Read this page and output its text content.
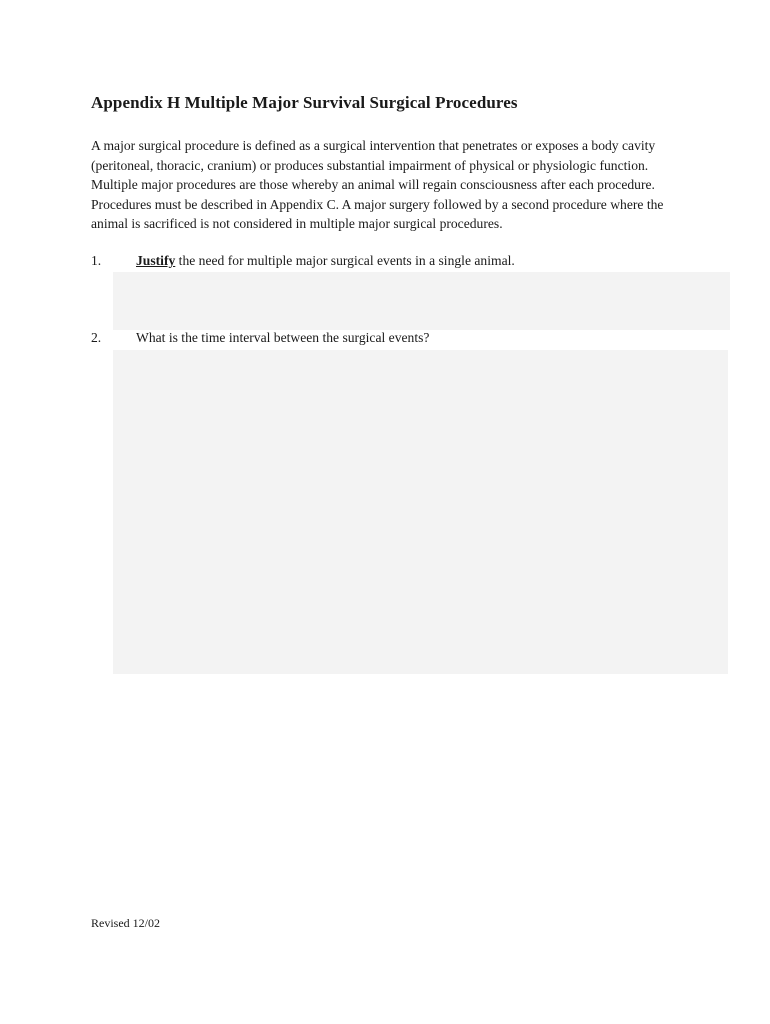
Appendix H Multiple Major Survival Surgical Procedures
A major surgical procedure is defined as a surgical intervention that penetrates or exposes a body cavity
(peritoneal, thoracic, cranium) or produces substantial impairment of physical or physiologic function.
Multiple major procedures are those whereby an animal will regain consciousness after each procedure.
Procedures must be described in Appendix C. A major surgery followed by a second procedure where the
animal is sacrificed is not considered in multiple major surgical procedures.
1.	Justify the need for multiple major surgical events in a single animal.
2.	What is the time interval between the surgical events?
Revised 12/02
